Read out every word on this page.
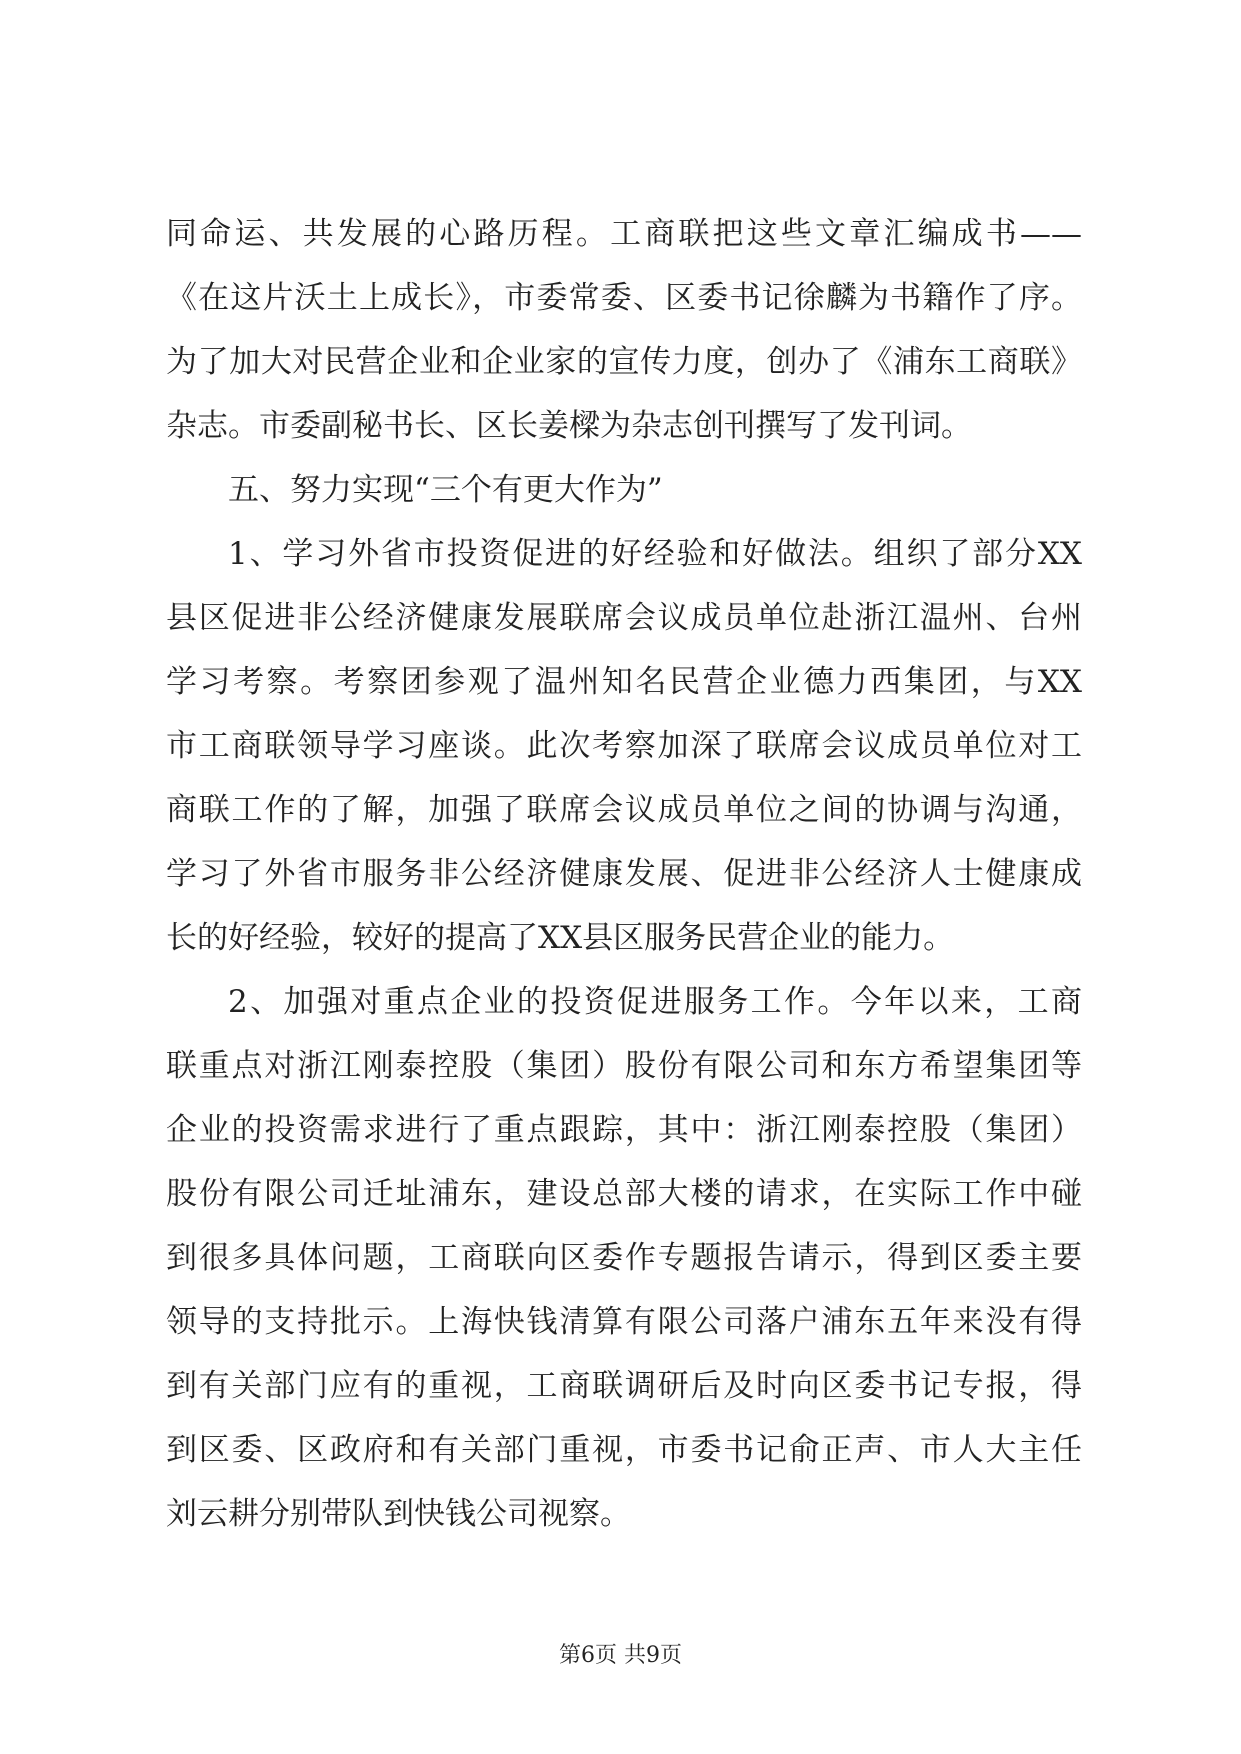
同命运、共发展的心路历程。工商联把这些文章汇编成书——
《在这片沃土上成长》，市委常委、区委书记徐麟为书籍作了序。
为了加大对民营企业和企业家的宣传力度，创办了《浦东工商联》
杂志。市委副秘书长、区长姜樑为杂志创刊撰写了发刊词。
五、努力实现“三个有更大作为”
1、学习外省市投资促进的好经验和好做法。组织了部分XX
县区促进非公经济健康发展联席会议成员单位赴浙江温州、台州
学习考察。考察团参观了温州知名民营企业德力西集团，与XX
市工商联领导学习座谈。此次考察加深了联席会议成员单位对工
商联工作的了解，加强了联席会议成员单位之间的协调与沟通，
学习了外省市服务非公经济健康发展、促进非公经济人士健康成
长的好经验，较好的提高了XX县区服务民营企业的能力。
2、加强对重点企业的投资促进服务工作。今年以来，工商
联重点对浙江刚泰控股（集团）股份有限公司和东方希望集团等
企业的投资需求进行了重点跟踪，其中：浙江刚泰控股（集团）
股份有限公司迁址浦东，建设总部大楼的请求，在实际工作中碰
到很多具体问题，工商联向区委作专题报告请示，得到区委主要
领导的支持批示。上海快钱清算有限公司落户浦东五年来没有得
到有关部门应有的重视，工商联调研后及时向区委书记专报，得
到区委、区政府和有关部门重视，市委书记俞正声、市人大主任
刘云耕分别带队到快钱公司视察。
第6页 共9页
